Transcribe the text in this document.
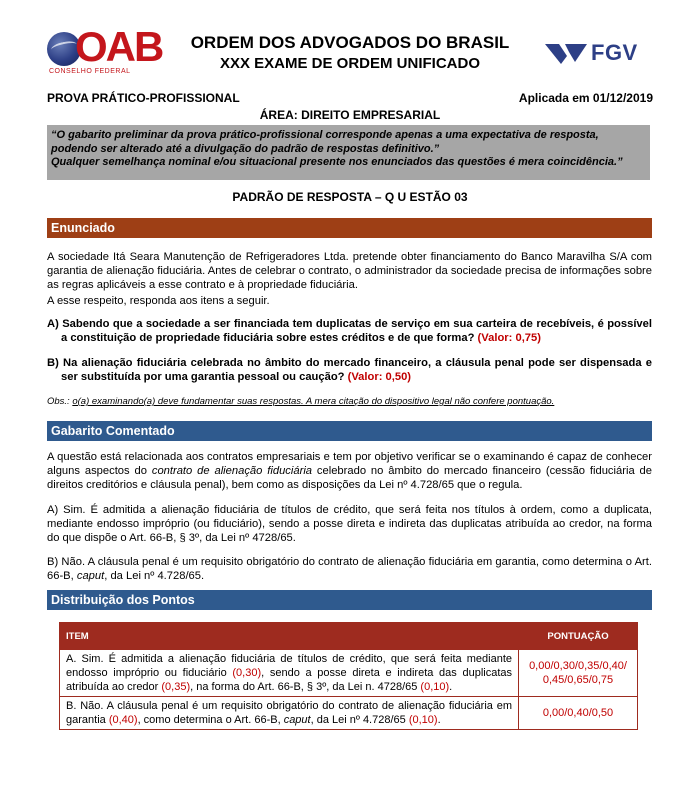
OAB
CONSELHO FEDERAL
ORDEM DOS ADVOGADOS DO BRASIL
XXX EXAME DE ORDEM UNIFICADO	FGV
PROVA PRÁTICO-PROFISSIONAL	Aplicada em 01/12/2019
ÁREA: DIREITO EMPRESARIAL

“O gabarito preliminar da prova prático-profissional corresponde apenas a uma expectativa de resposta, podendo ser alterado até a divulgação do padrão de respostas definitivo.”

Qualquer semelhança nominal e/ou situacional presente nos enunciados das questões é mera coincidência.”

PADRÃO DE RESPOSTA – Q U ESTÃO 03
Enunciado
A sociedade Itá Seara Manutenção de Refrigeradores Ltda. pretende obter financiamento do Banco Maravilha S/A com garantia de alienação fiduciária. Antes de celebrar o contrato, o administrador da sociedade precisa de informações sobre as regras aplicáveis a esse contrato e à propriedade fiduciária.
A esse respeito, responda aos itens a seguir.
A) Sabendo que a sociedade a ser financiada tem duplicatas de serviço em sua carteira de recebíveis, é possível a constituição de propriedade fiduciária sobre estes créditos e de que forma? (Valor: 0,75)
B) Na alienação fiduciária celebrada no âmbito do mercado financeiro, a cláusula penal pode ser dispensada e ser substituída por uma garantia pessoal ou caução? (Valor: 0,50)
Obs.: o(a) examinando(a) deve fundamentar suas respostas. A mera citação do dispositivo legal não confere pontuação.
Gabarito Comentado
A questão está relacionada aos contratos empresariais e tem por objetivo verificar se o examinando é capaz de conhecer alguns aspectos do contrato de alienação fiduciária celebrado no âmbito do mercado financeiro (cessão fiduciária de direitos creditórios e cláusula penal), bem como as disposições da Lei nº 4.728/65 que o regula.
A) Sim. É admitida a alienação fiduciária de títulos de crédito, que será feita nos títulos à ordem, como a duplicata, mediante endosso impróprio (ou fiduciário), sendo a posse direta e indireta das duplicatas atribuída ao credor, na forma do que dispõe o Art. 66-B, § 3º, da Lei nº 4728/65.
B) Não. A cláusula penal é um requisito obrigatório do contrato de alienação fiduciária em garantia, como determina o Art. 66-B, caput, da Lei nº 4.728/65.
Distribuição dos Pontos
ITEM	PONTUAÇÃO
A. Sim. É admitida a alienação fiduciária de títulos de crédito, que será feita mediante endosso impróprio ou fiduciário (0,30), sendo a posse direta e indireta das duplicatas atribuída ao credor (0,35), na forma do Art. 66-B, § 3º, da Lei n. 4728/65 (0,10).	0,00/0,30/0,35/0,40/ 0,45/0,65/0,75
B. Não. A cláusula penal é um requisito obrigatório do contrato de alienação fiduciária em garantia (0,40), como determina o Art. 66-B, caput, da Lei nº 4.728/65 (0,10).	0,00/0,40/0,50
